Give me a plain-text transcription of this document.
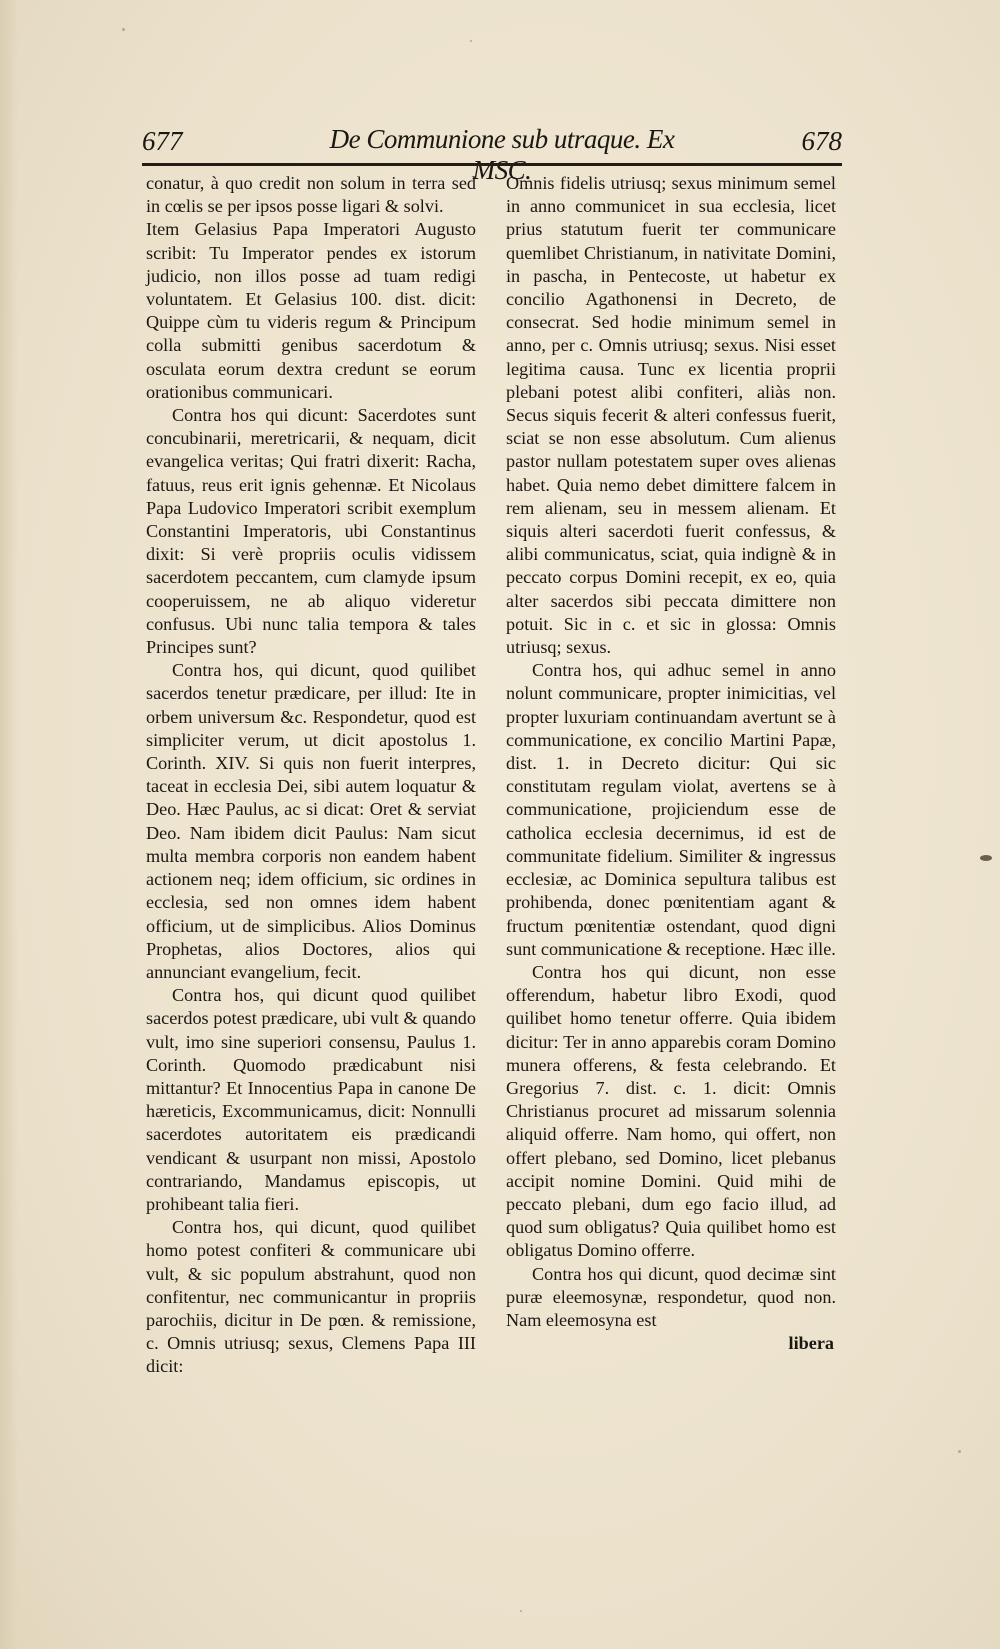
677	De Communione sub utraque. Ex MSC.
678

conatur, à quo credit non solum in terra sed in cœlis se per ipsos posse ligari & solvi.

Item Gelasius Papa Imperatori Augusto scribit: Tu Imperator pendes ex istorum judicio, non illos posse ad tuam redigi voluntatem. Et Gelasius 100. dist. dicit: Quippe cùm tu videris regum & Principum colla submitti genibus sacerdotum & osculata eorum dextra credunt se eorum orationibus communicari.

Contra hos qui dicunt: Sacerdotes sunt concubinarii, meretricarii, & nequam, dicit evangelica veritas; Qui fratri dixerit: Racha, fatuus, reus erit ignis gehennæ. Et Nicolaus Papa Ludovico Imperatori scribit exemplum Constantini Imperatoris, ubi Constantinus dixit: Si verè propriis oculis vidissem sacerdotem peccantem, cum clamyde ipsum cooperuissem, ne ab aliquo videretur confusus. Ubi nunc talia tempora & tales Principes sunt?

Contra hos, qui dicunt, quod quilibet sacerdos tenetur prædicare, per illud: Ite in orbem universum &c. Respondetur, quod est simpliciter verum, ut dicit apostolus 1. Corinth. XIV. Si quis non fuerit interpres, taceat in ecclesia Dei, sibi autem loquatur & Deo. Hæc Paulus, ac si dicat: Oret & serviat Deo. Nam ibidem dicit Paulus: Nam sicut multa membra corporis non eandem habent actionem neq; idem officium, sic ordines in ecclesia, sed non omnes idem habent officium, ut de simplicibus. Alios Dominus Prophetas, alios Doctores, alios qui annunciant evangelium, fecit.

Contra hos, qui dicunt quod quilibet sacerdos potest prædicare, ubi vult & quando vult, imo sine superiori consensu, Paulus 1. Corinth. Quomodo prædicabunt nisi mittantur? Et Innocentius Papa in canone De hæreticis, Excommunicamus, dicit: Nonnulli sacerdotes autoritatem eis prædicandi vendicant & usurpant non missi, Apostolo contrariando, Mandamus episcopis, ut prohibeant talia fieri.

Contra hos, qui dicunt, quod quilibet homo potest confiteri & communicare ubi vult, & sic populum abstrahunt, quod non confitentur, nec communicantur in propriis parochiis, dicitur in De pœn. & remissione, c. Omnis utriusq; sexus, Clemens Papa III dicit:

Omnis fidelis utriusq; sexus minimum semel in anno communicet in sua ecclesia, licet prius statutum fuerit ter communicare quemlibet Christianum, in nativitate Domini, in pascha, in Pentecoste, ut habetur ex concilio Agathonensi in Decreto, de consecrat. Sed hodie minimum semel in anno, per c. Omnis utriusq; sexus. Nisi esset legitima causa. Tunc ex licentia proprii plebani potest alibi confiteri, aliàs non. Secus siquis fecerit & alteri confessus fuerit, sciat se non esse absolutum. Cum alienus pastor nullam potestatem super oves alienas habet. Quia nemo debet dimittere falcem in rem alienam, seu in messem alienam. Et siquis alteri sacerdoti fuerit confessus, & alibi communicatus, sciat, quia indignè & in peccato corpus Domini recepit, ex eo, quia alter sacerdos sibi peccata dimittere non potuit. Sic in c. et sic in glossa: Omnis utriusq; sexus.

Contra hos, qui adhuc semel in anno nolunt communicare, propter inimicitias, vel propter luxuriam continuandam avertunt se à communicatione, ex concilio Martini Papæ, dist. 1. in Decreto dicitur: Qui sic constitutam regulam violat, avertens se à communicatione, projiciendum esse de catholica ecclesia decernimus, id est de communitate fidelium. Similiter & ingressus ecclesiæ, ac Dominica sepultura talibus est prohibenda, donec pœnitentiam agant & fructum pœnitentiæ ostendant, quod digni sunt communicatione & receptione. Hæc ille.

Contra hos qui dicunt, non esse offerendum, habetur libro Exodi, quod quilibet homo tenetur offerre. Quia ibidem dicitur: Ter in anno apparebis coram Domino munera offerens, & festa celebrando. Et Gregorius 7. dist. c. 1. dicit: Omnis Christianus procuret ad missarum solennia aliquid offerre. Nam homo, qui offert, non offert plebano, sed Domino, licet plebanus accipit nomine Domini. Quid mihi de peccato plebani, dum ego facio illud, ad quod sum obligatus? Quia quilibet homo est obligatus Domino offerre.

Contra hos qui dicunt, quod decimæ sint puræ eleemosynæ, respondetur, quod non. Nam eleemosyna est

libera
